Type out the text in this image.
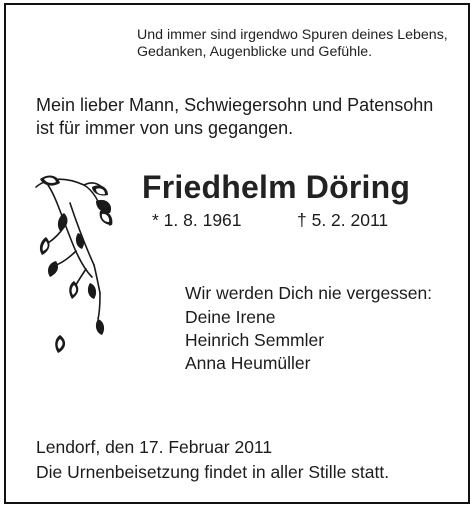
Und immer sind irgendwo Spuren deines Lebens,
Gedanken, Augenblicke und Gefühle.
Mein lieber Mann, Schwiegersohn und Patensohn
ist für immer von uns gegangen.
Friedhelm Döring
* 1. 8. 1961	† 5. 2. 2011
Wir werden Dich nie vergessen:
Deine Irene
Heinrich Semmler
Anna Heumüller
Lendorf, den 17. Februar 2011
Die Urnenbeisetzung findet in aller Stille statt.
